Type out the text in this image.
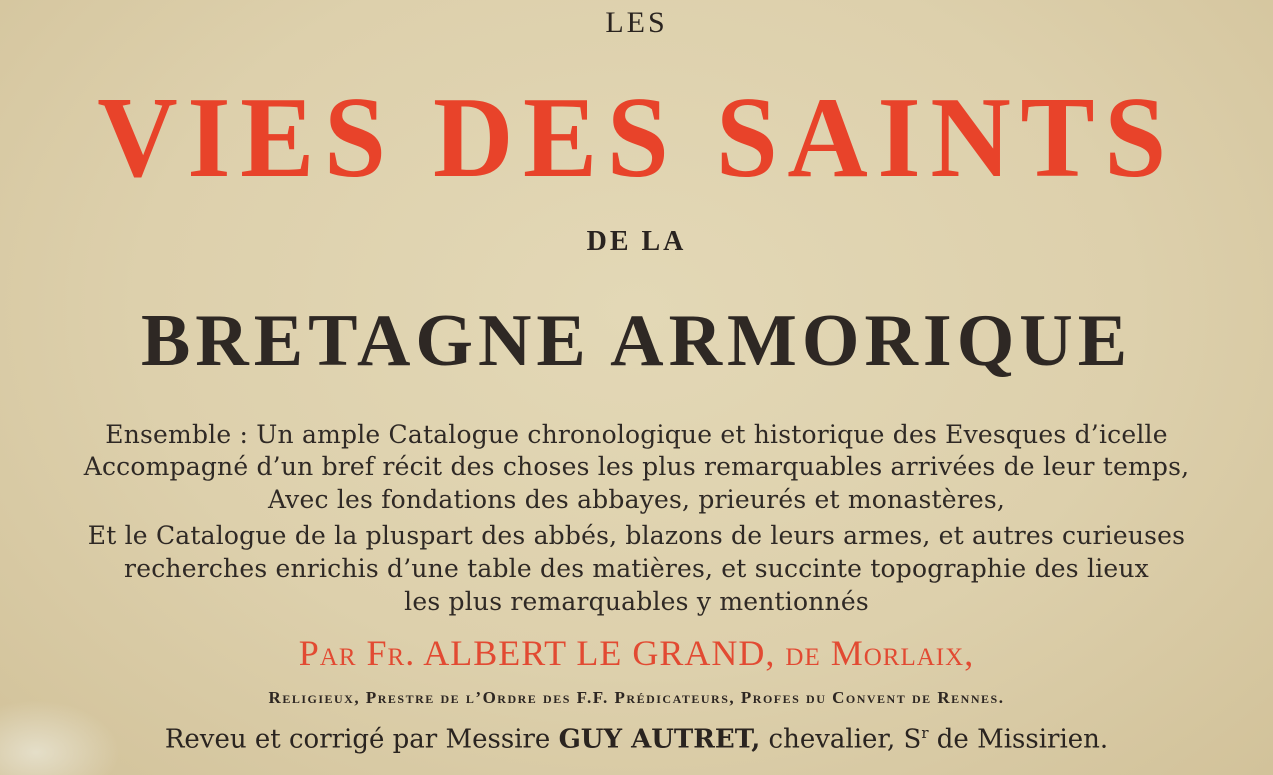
LES
VIES DES SAINTS
DE LA
BRETAGNE ARMORIQUE
Ensemble : Un ample Catalogue chronologique et historique des Evesques d’icelle
Accompagné d’un bref récit des choses les plus remarquables arrivées de leur temps,
Avec les fondations des abbayes, prieurés et monastères,
Et le Catalogue de la pluspart des abbés, blazons de leurs armes, et autres curieuses
recherches enrichis d’une table des matières, et succinte topographie des lieux
les plus remarquables y mentionnés
Par Fr. ALBERT LE GRAND, de Morlaix,
Religieux, Prestre de l’Ordre des F.F. Prédicateurs, Profes du Convent de Rennes.
Reveu et corrigé par Messire GUY AUTRET, chevalier, $S^r$ de Missirien.
